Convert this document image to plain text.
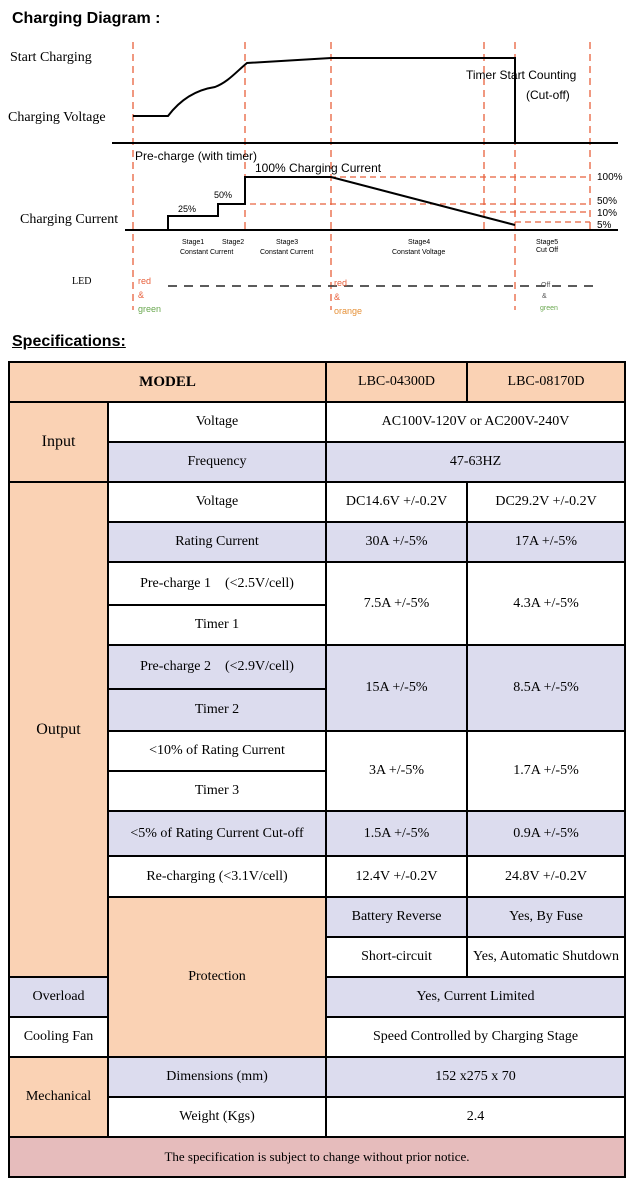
Charging Diagram :
Start Charging
Charging Voltage
Charging Current
LED
Timer Start Counting
(Cut-off)
Pre-charge (with timer)
100% Charging Current
25%
50%
100%
50%
10%
5%
Stage1
Constant Current
Stage2	Stage3
Constant Current
Stage4
Constant Voltage
Stage5
Cut Off
red
&
green
red
&
orange
Off
&
green
Specifications:
MODEL		LBC-04300D	LBC-08170D
Input	Voltage	AC100V-120V or AC200V-240V	
	Frequency	47-63HZ	
Output	Voltage	DC14.6V +/-0.2V	DC29.2V +/-0.2V
	Rating Current	30A +/-5%	17A +/-5%
	Pre-charge 1    (<2.5V/cell)	7.5A +/-5%	4.3A +/-5%
	Timer 1		
	Pre-charge 2    (<2.9V/cell)	15A +/-5%	8.5A +/-5%
	Timer 2		
	<10% of Rating Current	3A +/-5%	1.7A +/-5%
	Timer 3		
	<5% of Rating Current Cut-off	1.5A +/-5%	0.9A +/-5%
	Re-charging (<3.1V/cell)	12.4V +/-0.2V	24.8V +/-0.2V
	Protection	Battery Reverse	Yes, By Fuse
		Short-circuit	Yes, Automatic Shutdown
Overload		Yes, Current Limited	
Cooling Fan		Speed Controlled by Charging Stage	
Mechanical	Dimensions (mm)	152 x275 x 70	
	Weight (Kgs)	2.4	
The specification is subject to change without prior notice.			
